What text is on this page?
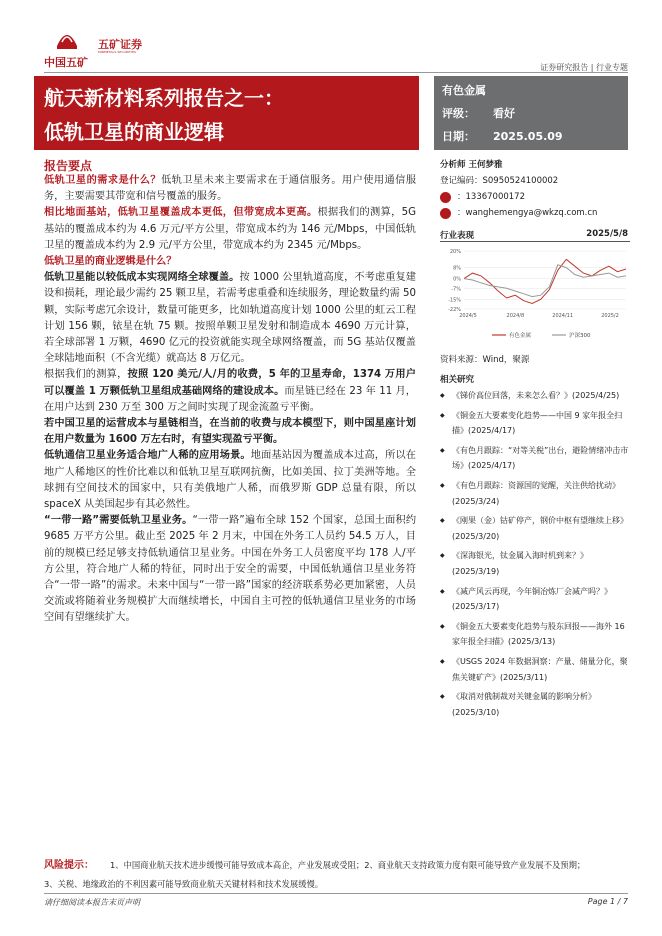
中国五矿
五矿证券
MINMETALS SECURITIES
证券研究报告 | 行业专题
航天新材料系列报告之一：
低轨卫星的商业逻辑
有色金属
评级： 看好
日期： 2025.05.09
报告要点

低轨卫星的需求是什么？低轨卫星未来主要需求在于通信服务。用户使用通信服务，主要需要其带宽和信号覆盖的服务。

相比地面基站，低轨卫星覆盖成本更低，但带宽成本更高。根据我们的测算，5G 基站的覆盖成本约为 4.6 万元/平方公里，带宽成本约为 146 元/Mbps，中国低轨卫星的覆盖成本约为 2.9 元/平方公里，带宽成本约为 2345 元/Mbps。

低轨卫星的商业逻辑是什么？

低轨卫星能以较低成本实现网络全球覆盖。按 1000 公里轨道高度，不考虑重复建设和损耗，理论最少需约 25 颗卫星，若需考虑重叠和连续服务，理论数量约需 50 颗，实际考虑冗余设计，数量可能更多，比如轨道高度计划 1000 公里的虹云工程计划 156 颗，铱星在轨 75 颗。按照单颗卫星发射和制造成本 4690 万元计算，若全球部署 1 万颗，4690 亿元的投资就能实现全球网络覆盖，而 5G 基站仅覆盖全球陆地面积（不含光缆）就高达 8 万亿元。

根据我们的测算，按照 120 美元/人/月的收费，5 年的卫星寿命，1374 万用户可以覆盖 1 万颗低轨卫星组成基础网络的建设成本。而星链已经在 23 年 11 月，在用户达到 230 万至 300 万之间时实现了现金流盈亏平衡。

若中国卫星的运营成本与星链相当，在当前的收费与成本模型下，则中国星座计划在用户数量为 1600 万左右时，有望实现盈亏平衡。

低轨通信卫星业务适合地广人稀的应用场景。地面基站因为覆盖成本过高，所以在地广人稀地区的性价比难以和低轨卫星互联网抗衡，比如美国、拉丁美洲等地。全球拥有空间技术的国家中，只有美俄地广人稀，而俄罗斯 GDP 总量有限，所以 spaceX 从美国起步有其必然性。

“一带一路”需要低轨卫星业务。“一带一路”遍布全球 152 个国家，总国土面积约 9685 万平方公里。截止至 2025 年 2 月末，中国在外务工人员约 54.5 万人，目前的规模已经足够支持低轨通信卫星业务。中国在外务工人员密度平均 178 人/平方公里，符合地广人稀的特征，同时出于安全的需要，中国低轨通信卫星业务符合“一带一路”的需求。未来中国与“一带一路”国家的经济联系势必更加紧密，人员交流或将随着业务规模扩大而继续增长，中国自主可控的低轨通信卫星业务的市场空间有望继续扩大。

分析师 王何梦雅
登记编码：S0950524100002
：13367000172
：wanghemengya@wkzq.com.cn
行业表现	2025/5/8
20%
8%
0%
-7%
-15%
-22%
2024/5	2024/8	2024/11	2025/2
有色金属	沪深300
资料来源：Wind，聚源
相关研究
◆ 《锑价高位回落，未来怎么看？》(2025/4/25)
◆ 《铜金五大要素变化趋势——中国 9 家年报全扫描》(2025/4/17)
◆ 《有色月跟踪：“对等关税”出台，避险情绪冲击市场》(2025/4/17)
◆ 《有色月跟踪：资源国的觉醒，关注供给扰动》(2025/3/24)
◆ 《刚果（金）钴矿停产，钢价中枢有望继续上移》(2025/3/20)
◆ 《深海银光，钛金属入海时机到来？》(2025/3/19)
◆ 《减产风云再现，今年铜冶炼厂会减产吗？》(2025/3/17)
◆ 《铜金五大要素变化趋势与股东回报——海外 16 家年报全扫描》(2025/3/13)
◆ 《USGS 2024 年数据洞察：产量、储量分化，聚焦关键矿产》(2025/3/11)
◆ 《取消对俄制裁对关键金属的影响分析》(2025/3/10)
风险提示： 1、中国商业航天技术进步缓慢可能导致成本高企，产业发展或受阻；2、商业航天支持政策力度有限可能导致产业发展不及预期；
3、关税、地缘政治的不利因素可能导致商业航天关键材料和技术发展缓慢。
请仔细阅读本报告末页声明	Page 1 / 7
